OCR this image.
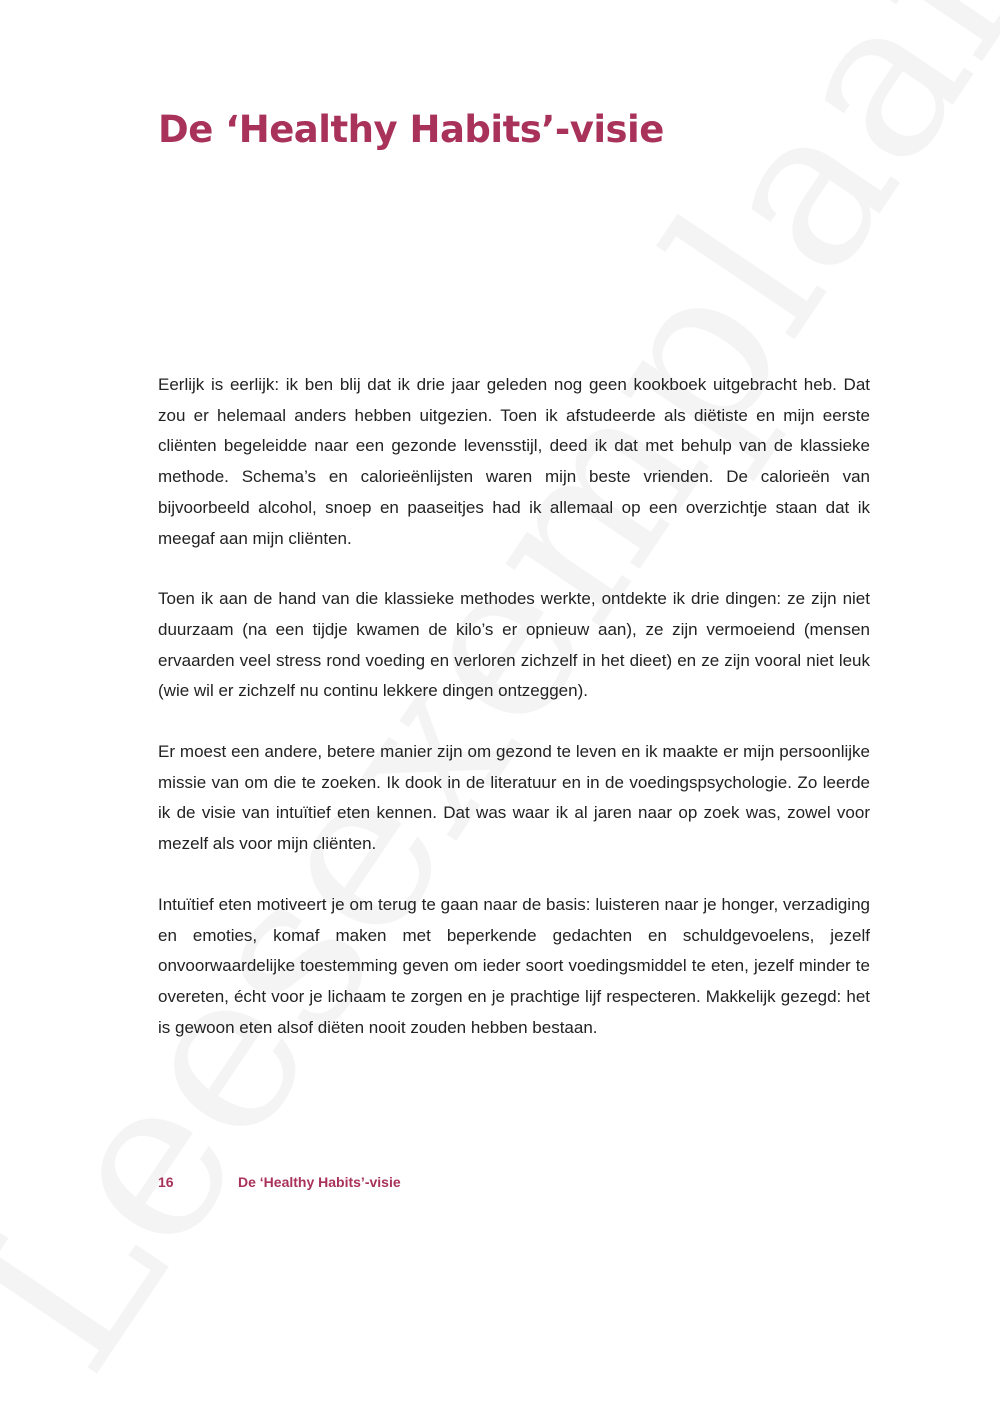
De ‘Healthy Habits’-visie

Eerlijk is eerlijk: ik ben blij dat ik drie jaar geleden nog geen kookboek uitgebracht heb. Dat zou er helemaal anders hebben uitgezien. Toen ik afstudeerde als diëtiste en mijn eerste cliënten begeleidde naar een gezonde levensstijl, deed ik dat met behulp van de klassieke methode. Schema’s en calorieënlijsten waren mijn beste vrienden. De calorieën van bijvoorbeeld alcohol, snoep en paaseitjes had ik allemaal op een overzichtje staan dat ik meegaf aan mijn cliënten.

Toen ik aan de hand van die klassieke methodes werkte, ontdekte ik drie dingen: ze zijn niet duurzaam (na een tijdje kwamen de kilo’s er opnieuw aan), ze zijn vermoeiend (mensen ervaarden veel stress rond voeding en verloren zichzelf in het dieet) en ze zijn vooral niet leuk (wie wil er zichzelf nu continu lekkere dingen ontzeggen).

Er moest een andere, betere manier zijn om gezond te leven en ik maakte er mijn persoonlijke missie van om die te zoeken. Ik dook in de literatuur en in de voedingspsychologie. Zo leerde ik de visie van intuïtief eten kennen. Dat was waar ik al jaren naar op zoek was, zowel voor mezelf als voor mijn cliënten.

Intuïtief eten motiveert je om terug te gaan naar de basis: luisteren naar je honger, verzadiging en emoties, komaf maken met beperkende gedachten en schuldgevoelens, jezelf onvoorwaardelijke toestemming geven om ieder soort voedingsmiddel te eten, jezelf minder te overeten, écht voor je lichaam te zorgen en je prachtige lijf respecteren. Makkelijk gezegd: het is gewoon eten alsof diëten nooit zouden hebben bestaan.

16	De ‘Healthy Habits’-visie
